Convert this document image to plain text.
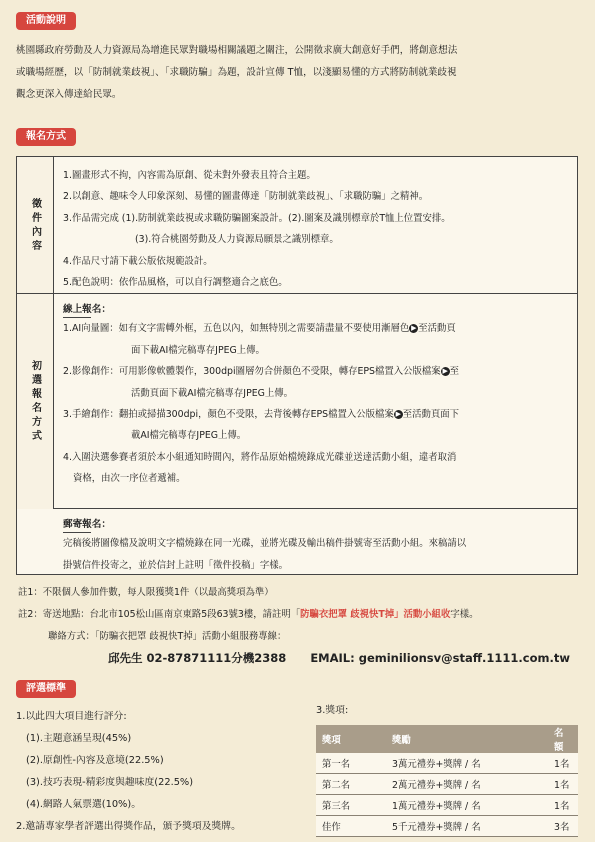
活動說明
桃園縣政府勞動及人力資源局為增進民眾對職場相關議題之關注，公開徵求廣大創意好手們，將創意想法
或職場經歷，以「防制就業歧視」、「求職防騙」為題，設計宣傳 T恤，以淺顯易懂的方式將防制就業歧視
觀念更深入傳達給民眾。
報名方式
徵件內容
1.圖畫形式不拘，內容需為原創、從未對外發表且符合主題。
2.以創意、趣味令人印象深刻、易懂的圖畫傳達「防制就業歧視」、「求職防騙」之精神。
3.作品需完成 (1).防制就業歧視或求職防騙圖案設計。(2).圖案及識別標章於T恤上位置安排。
(3).符合桃園勞動及人力資源局願景之識別標章。
4.作品尺寸請下載公版依規範設計。
5.配色說明：依作品風格，可以自行調整適合之底色。
初選報名方式
線上報名：
1.AI向量圖：如有文字需轉外框，五色以內，如無特別之需要請盡量不要使用漸層色 ▶ 至活動頁
面下載AI檔完稿專存JPEG上傳。
2.影像創作：可用影像軟體製作，300dpi圖層勿合併顏色不受限，轉存EPS檔置入公版檔案 ▶ 至
活動頁面下載AI檔完稿專存JPEG上傳。
3.手繪創作：翻拍或掃描300dpi，顏色不受限，去背後轉存EPS檔置入公版檔案 ▶ 至活動頁面下
載AI檔完稿專存JPEG上傳。
4.入圍決選參賽者須於本小組通知時間內，將作品原始檔燒錄成光碟並送達活動小組，違者取消
資格，由次一序位者遞補。
郵寄報名：
完稿後將圖像檔及說明文字檔燒錄在同一光碟，並將光碟及輸出稿件掛號寄至活動小組。來稿請以
掛號信件投寄之，並於信封上註明「徵件投稿」字樣。
註1：不限個人參加件數，每人限獲獎1件（以最高獎項為準）
註2：寄送地點：台北市105松山區南京東路5段63號3樓，請註明「防騙衣把罩 歧視快T掉」活動小組收字樣。
聯絡方式：「防騙衣把罩 歧視快T掉」活動小組服務專線：
邱先生 02-87871111分機2388 EMAIL: geminilionsv@staff.1111.com.tw
評選標準
1.以此四大項目進行評分:
(1).主題意涵呈現(45%)
(2).原創性-內容及意境(22.5%)
(3).技巧表現-精彩度與趣味度(22.5%)
(4).網路人氣票選(10%)。
2.邀請專家學者評選出得獎作品，頒予獎項及獎牌。
3.獎項:
獎項	獎勵	名額
第一名	3萬元禮券+獎牌 / 名	1名
第二名	2萬元禮券+獎牌 / 名	1名
第三名	1萬元禮券+獎牌 / 名	1名
佳作	5千元禮券+獎牌 / 名	3名
